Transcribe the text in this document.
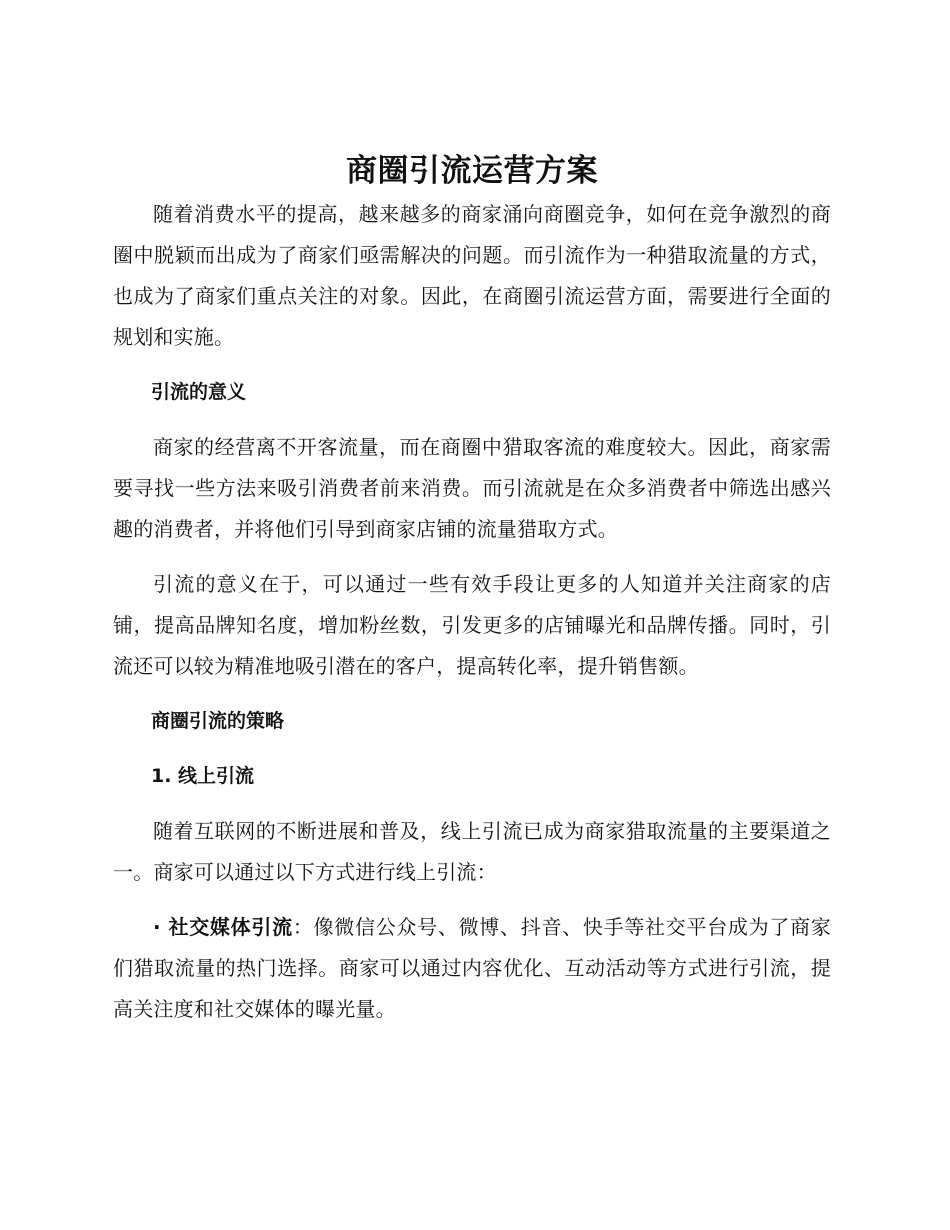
商圈引流运营方案

随着消费水平的提高，越来越多的商家涌向商圈竞争，如何在竞争激烈的商圈中脱颖而出成为了商家们亟需解决的问题。而引流作为一种猎取流量的方式，也成为了商家们重点关注的对象。因此，在商圈引流运营方面，需要进行全面的规划和实施。

引流的意义

商家的经营离不开客流量，而在商圈中猎取客流的难度较大。因此，商家需要寻找一些方法来吸引消费者前来消费。而引流就是在众多消费者中筛选出感兴趣的消费者，并将他们引导到商家店铺的流量猎取方式。

引流的意义在于，可以通过一些有效手段让更多的人知道并关注商家的店铺，提高品牌知名度，增加粉丝数，引发更多的店铺曝光和品牌传播。同时，引流还可以较为精准地吸引潜在的客户，提高转化率，提升销售额。

商圈引流的策略
1. 线上引流

随着互联网的不断进展和普及，线上引流已成为商家猎取流量的主要渠道之一。商家可以通过以下方式进行线上引流：

· 社交媒体引流：像微信公众号、微博、抖音、快手等社交平台成为了商家们猎取流量的热门选择。商家可以通过内容优化、互动活动等方式进行引流，提高关注度和社交媒体的曝光量。
